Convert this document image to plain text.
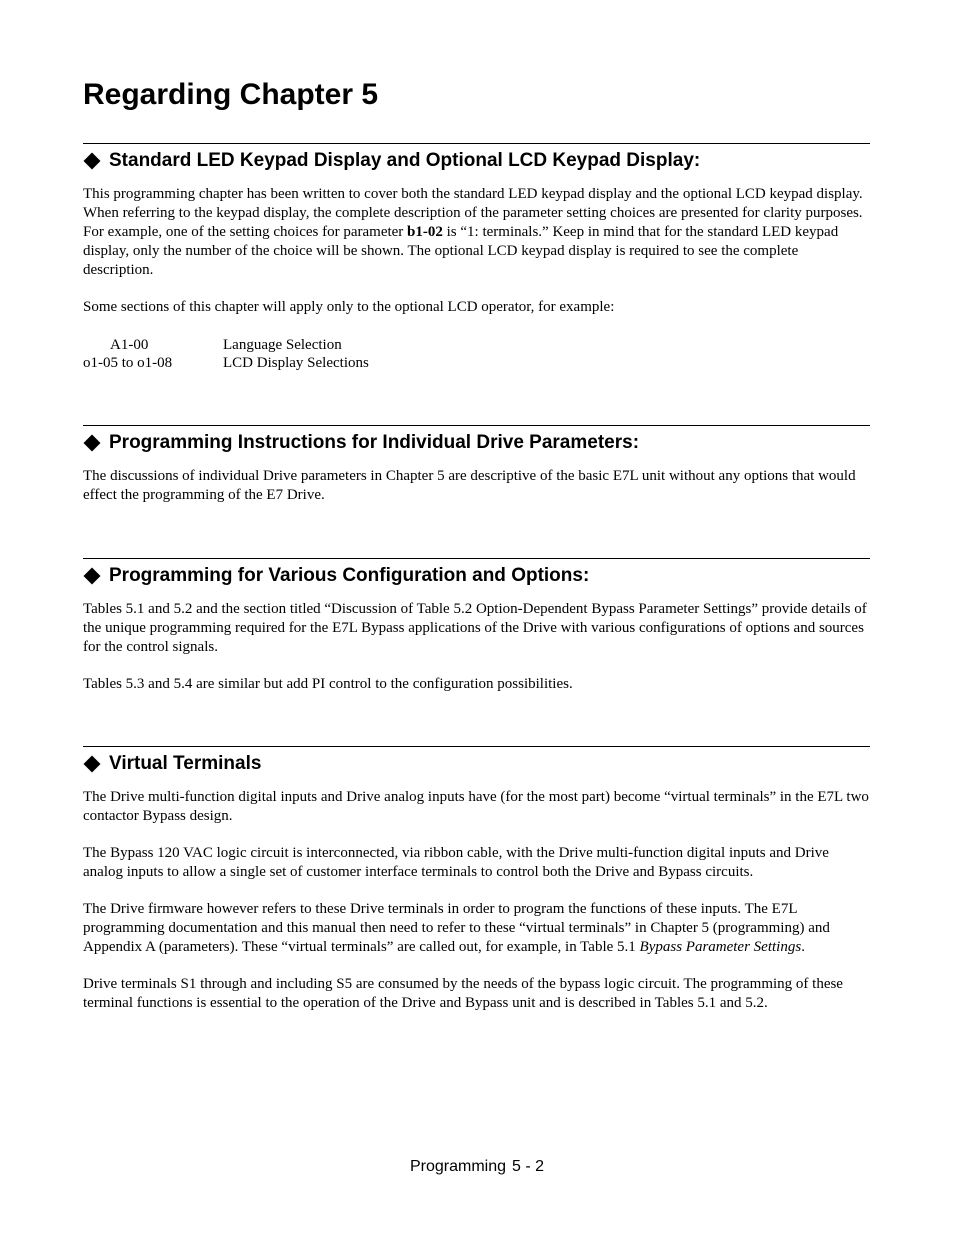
Regarding Chapter 5
Standard LED Keypad Display and Optional LCD Keypad Display:

This programming chapter has been written to cover both the standard LED keypad display and the optional LCD keypad display. When referring to the keypad display, the complete description of the parameter setting choices are presented for clarity purposes. For example, one of the setting choices for parameter b1-02 is “1: terminals.” Keep in mind that for the standard LED keypad display, only the number of the choice will be shown. The optional LCD keypad display is required to see the complete description.

Some sections of this chapter will apply only to the optional LCD operator, for example:

A1-00	Language Selection
o1-05 to o1-08	LCD Display Selections
Programming Instructions for Individual Drive Parameters:

The discussions of individual Drive parameters in Chapter 5 are descriptive of the basic E7L unit without any options that would effect the programming of the E7 Drive.

Programming for Various Configuration and Options:

Tables 5.1 and 5.2 and the section titled “Discussion of Table 5.2 Option-Dependent Bypass Parameter Settings” provide details of the unique programming required for the E7L Bypass applications of the Drive with various configurations of options and sources for the control signals.

Tables 5.3 and 5.4 are similar but add PI control to the configuration possibilities.

Virtual Terminals

The Drive multi-function digital inputs and Drive analog inputs have (for the most part) become “virtual terminals” in the E7L two contactor Bypass design.

The Bypass 120 VAC logic circuit is interconnected, via ribbon cable, with the Drive multi-function digital inputs and Drive analog inputs to allow a single set of customer interface terminals to control both the Drive and Bypass circuits.

The Drive firmware however refers to these Drive terminals in order to program the functions of these inputs. The E7L programming documentation and this manual then need to refer to these “virtual terminals” in Chapter 5 (programming) and Appendix A (parameters). These “virtual terminals” are called out, for example, in Table 5.1 Bypass Parameter Settings.

Drive terminals S1 through and including S5 are consumed by the needs of the bypass logic circuit. The programming of these terminal functions is essential to the operation of the Drive and Bypass unit and is described in Tables 5.1 and 5.2.

Programming 5 - 2
